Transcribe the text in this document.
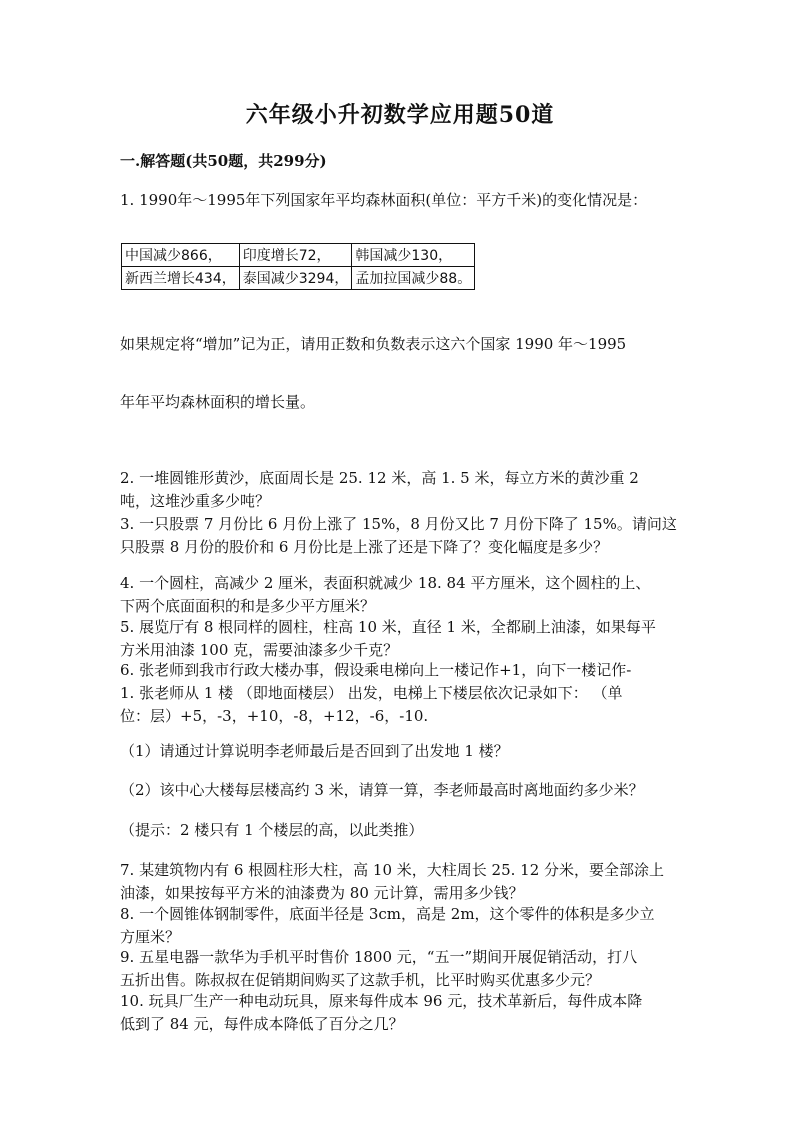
六年级小升初数学应用题50道
一.解答题(共50题，共299分)
1. 1990年～1995年下列国家年平均森林面积(单位：平方千米)的变化情况是：
中国减少866，	印度增长72，	韩国减少130，
新西兰增长434，	泰国减少3294，	孟加拉国减少88。
如果规定将“增加”记为正，请用正数和负数表示这六个国家 1990 年～1995
年年平均森林面积的增长量。
2. 一堆圆锥形黄沙，底面周长是 25. 12 米，高 1. 5 米，每立方米的黄沙重 2
吨，这堆沙重多少吨？
3. 一只股票 7 月份比 6 月份上涨了 15%，8 月份又比 7 月份下降了 15%。请问这
只股票 8 月份的股价和 6 月份比是上涨了还是下降了？变化幅度是多少？
4. 一个圆柱，高减少 2 厘米，表面积就减少 18. 84 平方厘米，这个圆柱的上、
下两个底面面积的和是多少平方厘米？
5. 展览厅有 8 根同样的圆柱，柱高 10 米，直径 1 米，全都刷上油漆，如果每平
方米用油漆 100 克，需要油漆多少千克？
6. 张老师到我市行政大楼办事，假设乘电梯向上一楼记作+1，向下一楼记作-
1. 张老师从 1 楼 （即地面楼层） 出发，电梯上下楼层依次记录如下： （单
位：层）+5，-3，+10，-8，+12，-6，-10.
（1）请通过计算说明李老师最后是否回到了出发地 1 楼？
（2）该中心大楼每层楼高约 3 米，请算一算，李老师最高时离地面约多少米？
（提示：2 楼只有 1 个楼层的高，以此类推）
7. 某建筑物内有 6 根圆柱形大柱，高 10 米，大柱周长 25. 12 分米，要全部涂上
油漆，如果按每平方米的油漆费为 80 元计算，需用多少钱？
8. 一个圆锥体钢制零件，底面半径是 3cm，高是 2m，这个零件的体积是多少立
方厘米？
9. 五星电器一款华为手机平时售价 1800 元，“五一”期间开展促销活动，打八
五折出售。陈叔叔在促销期间购买了这款手机，比平时购买优惠多少元？
10. 玩具厂生产一种电动玩具，原来每件成本 96 元，技术革新后，每件成本降
低到了 84 元，每件成本降低了百分之几？
